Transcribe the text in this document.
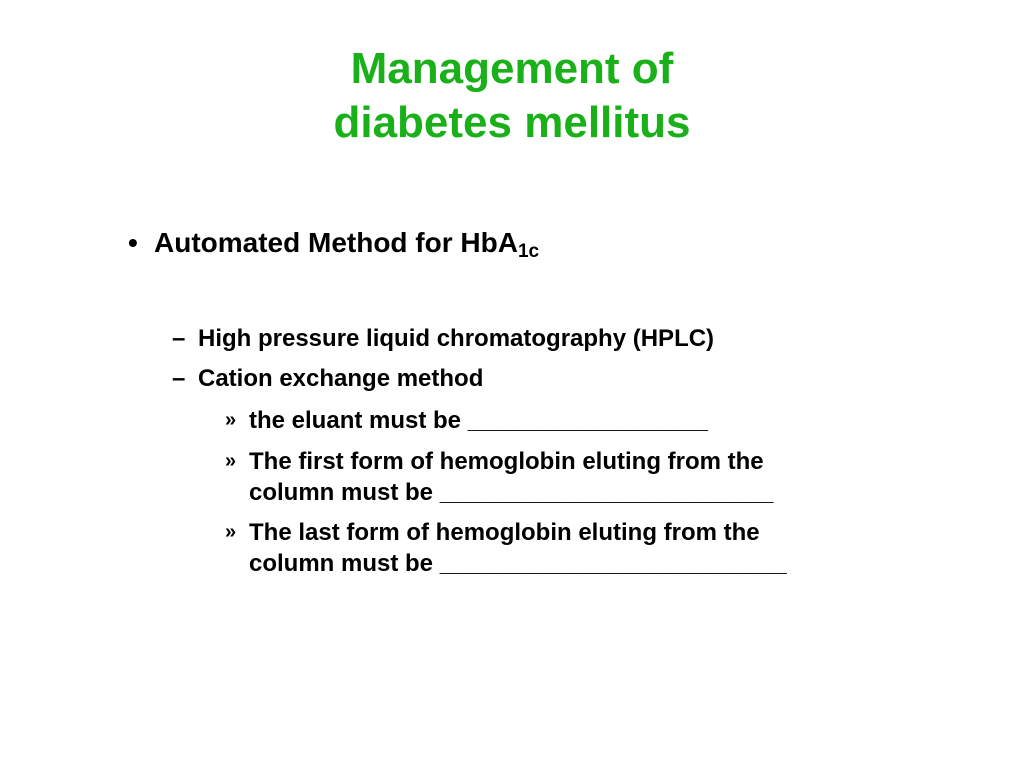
Management of
diabetes mellitus
• Automated Method for HbA$_{1c}$
– High pressure liquid chromatography (HPLC)
– Cation exchange method
» the eluant must be __________________
» The first form of hemoglobin eluting from the
column must be _________________________
» The last form of hemoglobin eluting from the
column must be __________________________
